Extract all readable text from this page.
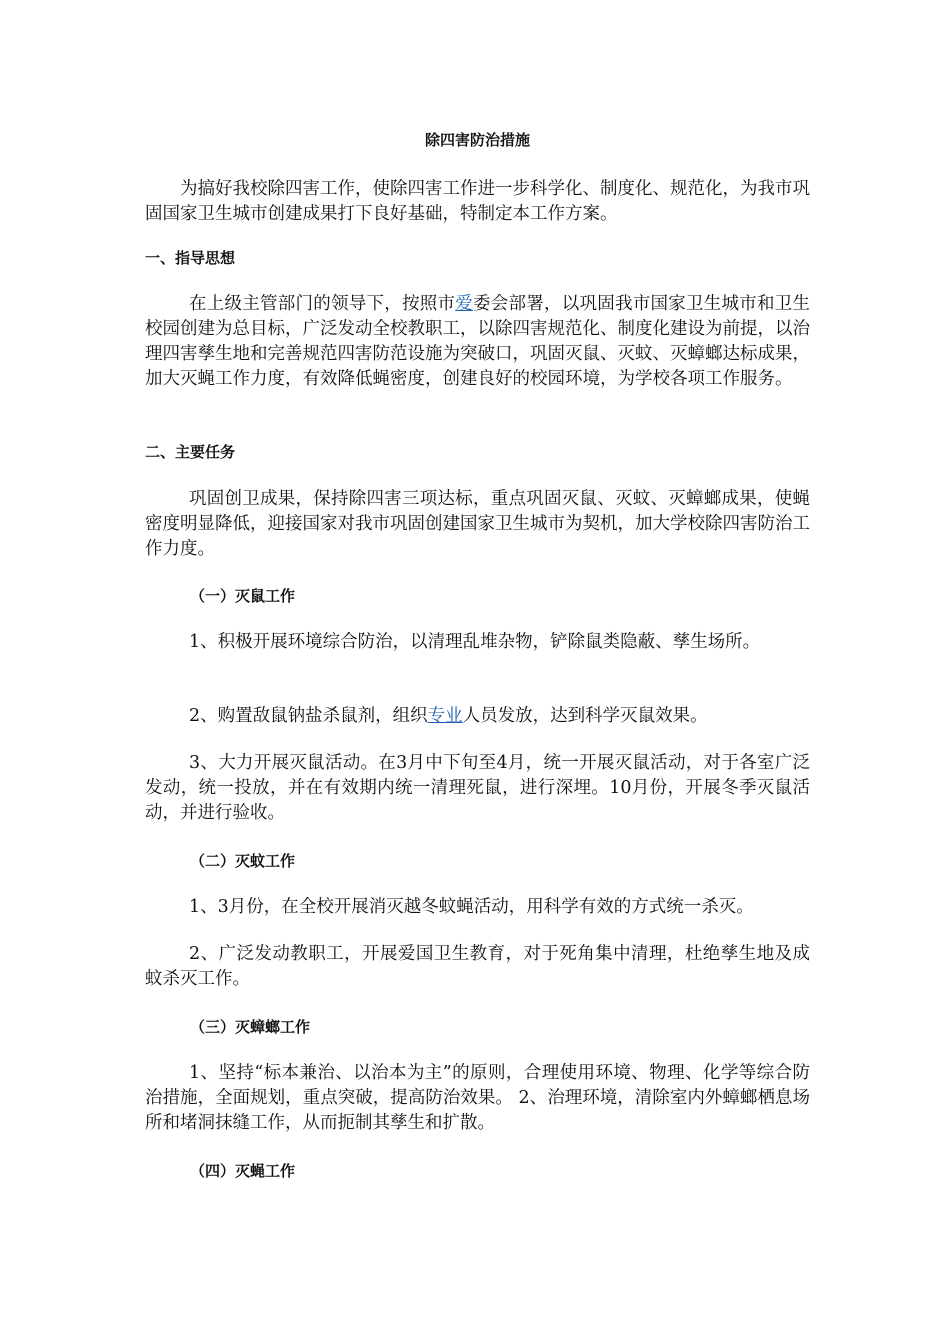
除四害防治措施

为搞好我校除四害工作，使除四害工作进一步科学化、制度化、规范化，为我市巩固国家卫生城市创建成果打下良好基础，特制定本工作方案。

一、指导思想

在上级主管部门的领导下，按照市爱委会部署，以巩固我市国家卫生城市和卫生校园创建为总目标，广泛发动全校教职工，以除四害规范化、制度化建设为前提，以治理四害孳生地和完善规范四害防范设施为突破口，巩固灭鼠、灭蚊、灭蟑螂达标成果，加大灭蝇工作力度，有效降低蝇密度，创建良好的校园环境，为学校各项工作服务。

二、主要任务

巩固创卫成果，保持除四害三项达标，重点巩固灭鼠、灭蚊、灭蟑螂成果，使蝇密度明显降低，迎接国家对我市巩固创建国家卫生城市为契机，加大学校除四害防治工作力度。

（一）灭鼠工作

1、积极开展环境综合防治，以清理乱堆杂物，铲除鼠类隐蔽、孳生场所。

2、购置敌鼠钠盐杀鼠剂，组织专业人员发放，达到科学灭鼠效果。

3、大力开展灭鼠活动。在3月中下旬至4月，统一开展灭鼠活动，对于各室广泛发动，统一投放，并在有效期内统一清理死鼠，进行深埋。10月份，开展冬季灭鼠活动，并进行验收。

（二）灭蚊工作

1、3月份，在全校开展消灭越冬蚊蝇活动，用科学有效的方式统一杀灭。

2、广泛发动教职工，开展爱国卫生教育，对于死角集中清理，杜绝孳生地及成蚊杀灭工作。

（三）灭蟑螂工作

1、坚持“标本兼治、以治本为主”的原则，合理使用环境、物理、化学等综合防治措施，全面规划，重点突破，提高防治效果。 2、治理环境，清除室内外蟑螂栖息场所和堵洞抹缝工作，从而扼制其孳生和扩散。

（四）灭蝇工作
